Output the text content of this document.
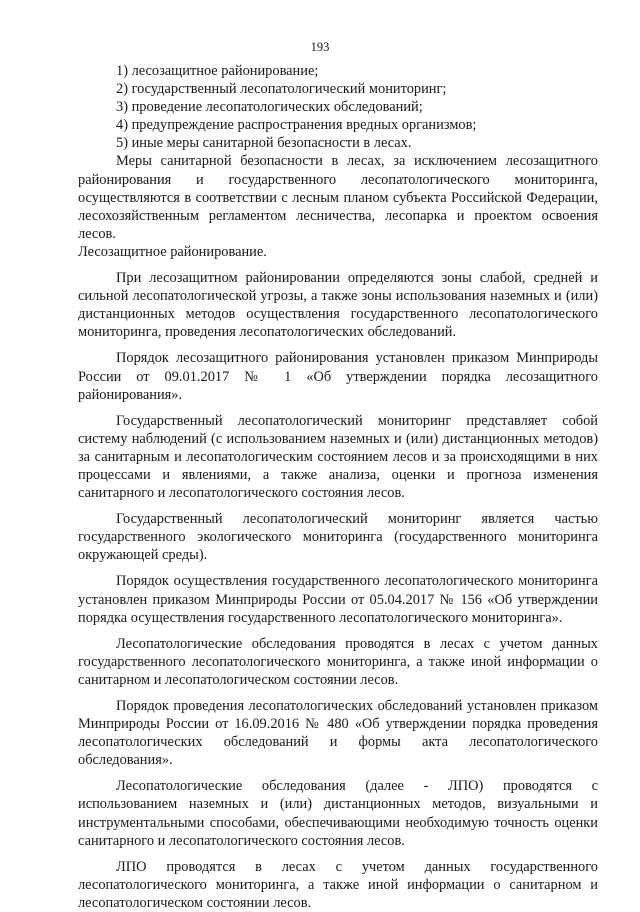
193
1) лесозащитное районирование;
2) государственный лесопатологический мониторинг;
3) проведение лесопатологических обследований;
4) предупреждение распространения вредных организмов;
5) иные меры санитарной безопасности в лесах.

Меры санитарной безопасности в лесах, за исключением лесозащитного районирования и государственного лесопатологического мониторинга, осуществляются в соответствии с лесным планом субъекта Российской Федерации, лесохозяйственным регламентом лесничества, лесопарка и проектом освоения лесов.

Лесозащитное районирование.

При лесозащитном районировании определяются зоны слабой, средней и сильной лесопатологической угрозы, а также зоны использования наземных и (или) дистанционных методов осуществления государственного лесопатологического мониторинга, проведения лесопатологических обследований.

Порядок лесозащитного районирования установлен приказом Минприроды России от 09.01.2017 № 1 «Об утверждении порядка лесозащитного районирования».

Государственный лесопатологический мониторинг представляет собой систему наблюдений (с использованием наземных и (или) дистанционных методов) за санитарным и лесопатологическим состоянием лесов и за происходящими в них процессами и явлениями, а также анализа, оценки и прогноза изменения санитарного и лесопатологического состояния лесов.

Государственный лесопатологический мониторинг является частью государственного экологического мониторинга (государственного мониторинга окружающей среды).

Порядок осуществления государственного лесопатологического мониторинга установлен приказом Минприроды России от 05.04.2017 № 156 «Об утверждении порядка осуществления государственного лесопатологического мониторинга».

Лесопатологические обследования проводятся в лесах с учетом данных государственного лесопатологического мониторинга, а также иной информации о санитарном и лесопатологическом состоянии лесов.

Порядок проведения лесопатологических обследований установлен приказом Минприроды России от 16.09.2016 № 480 «Об утверждении порядка проведения лесопатологических обследований и формы акта лесопатологического обследования».

Лесопатологические обследования (далее - ЛПО) проводятся с использованием наземных и (или) дистанционных методов, визуальными и инструментальными способами, обеспечивающими необходимую точность оценки санитарного и лесопатологического состояния лесов.

ЛПО проводятся в лесах с учетом данных государственного лесопатологического мониторинга, а также иной информации о санитарном и лесопатологическом состоянии лесов.
